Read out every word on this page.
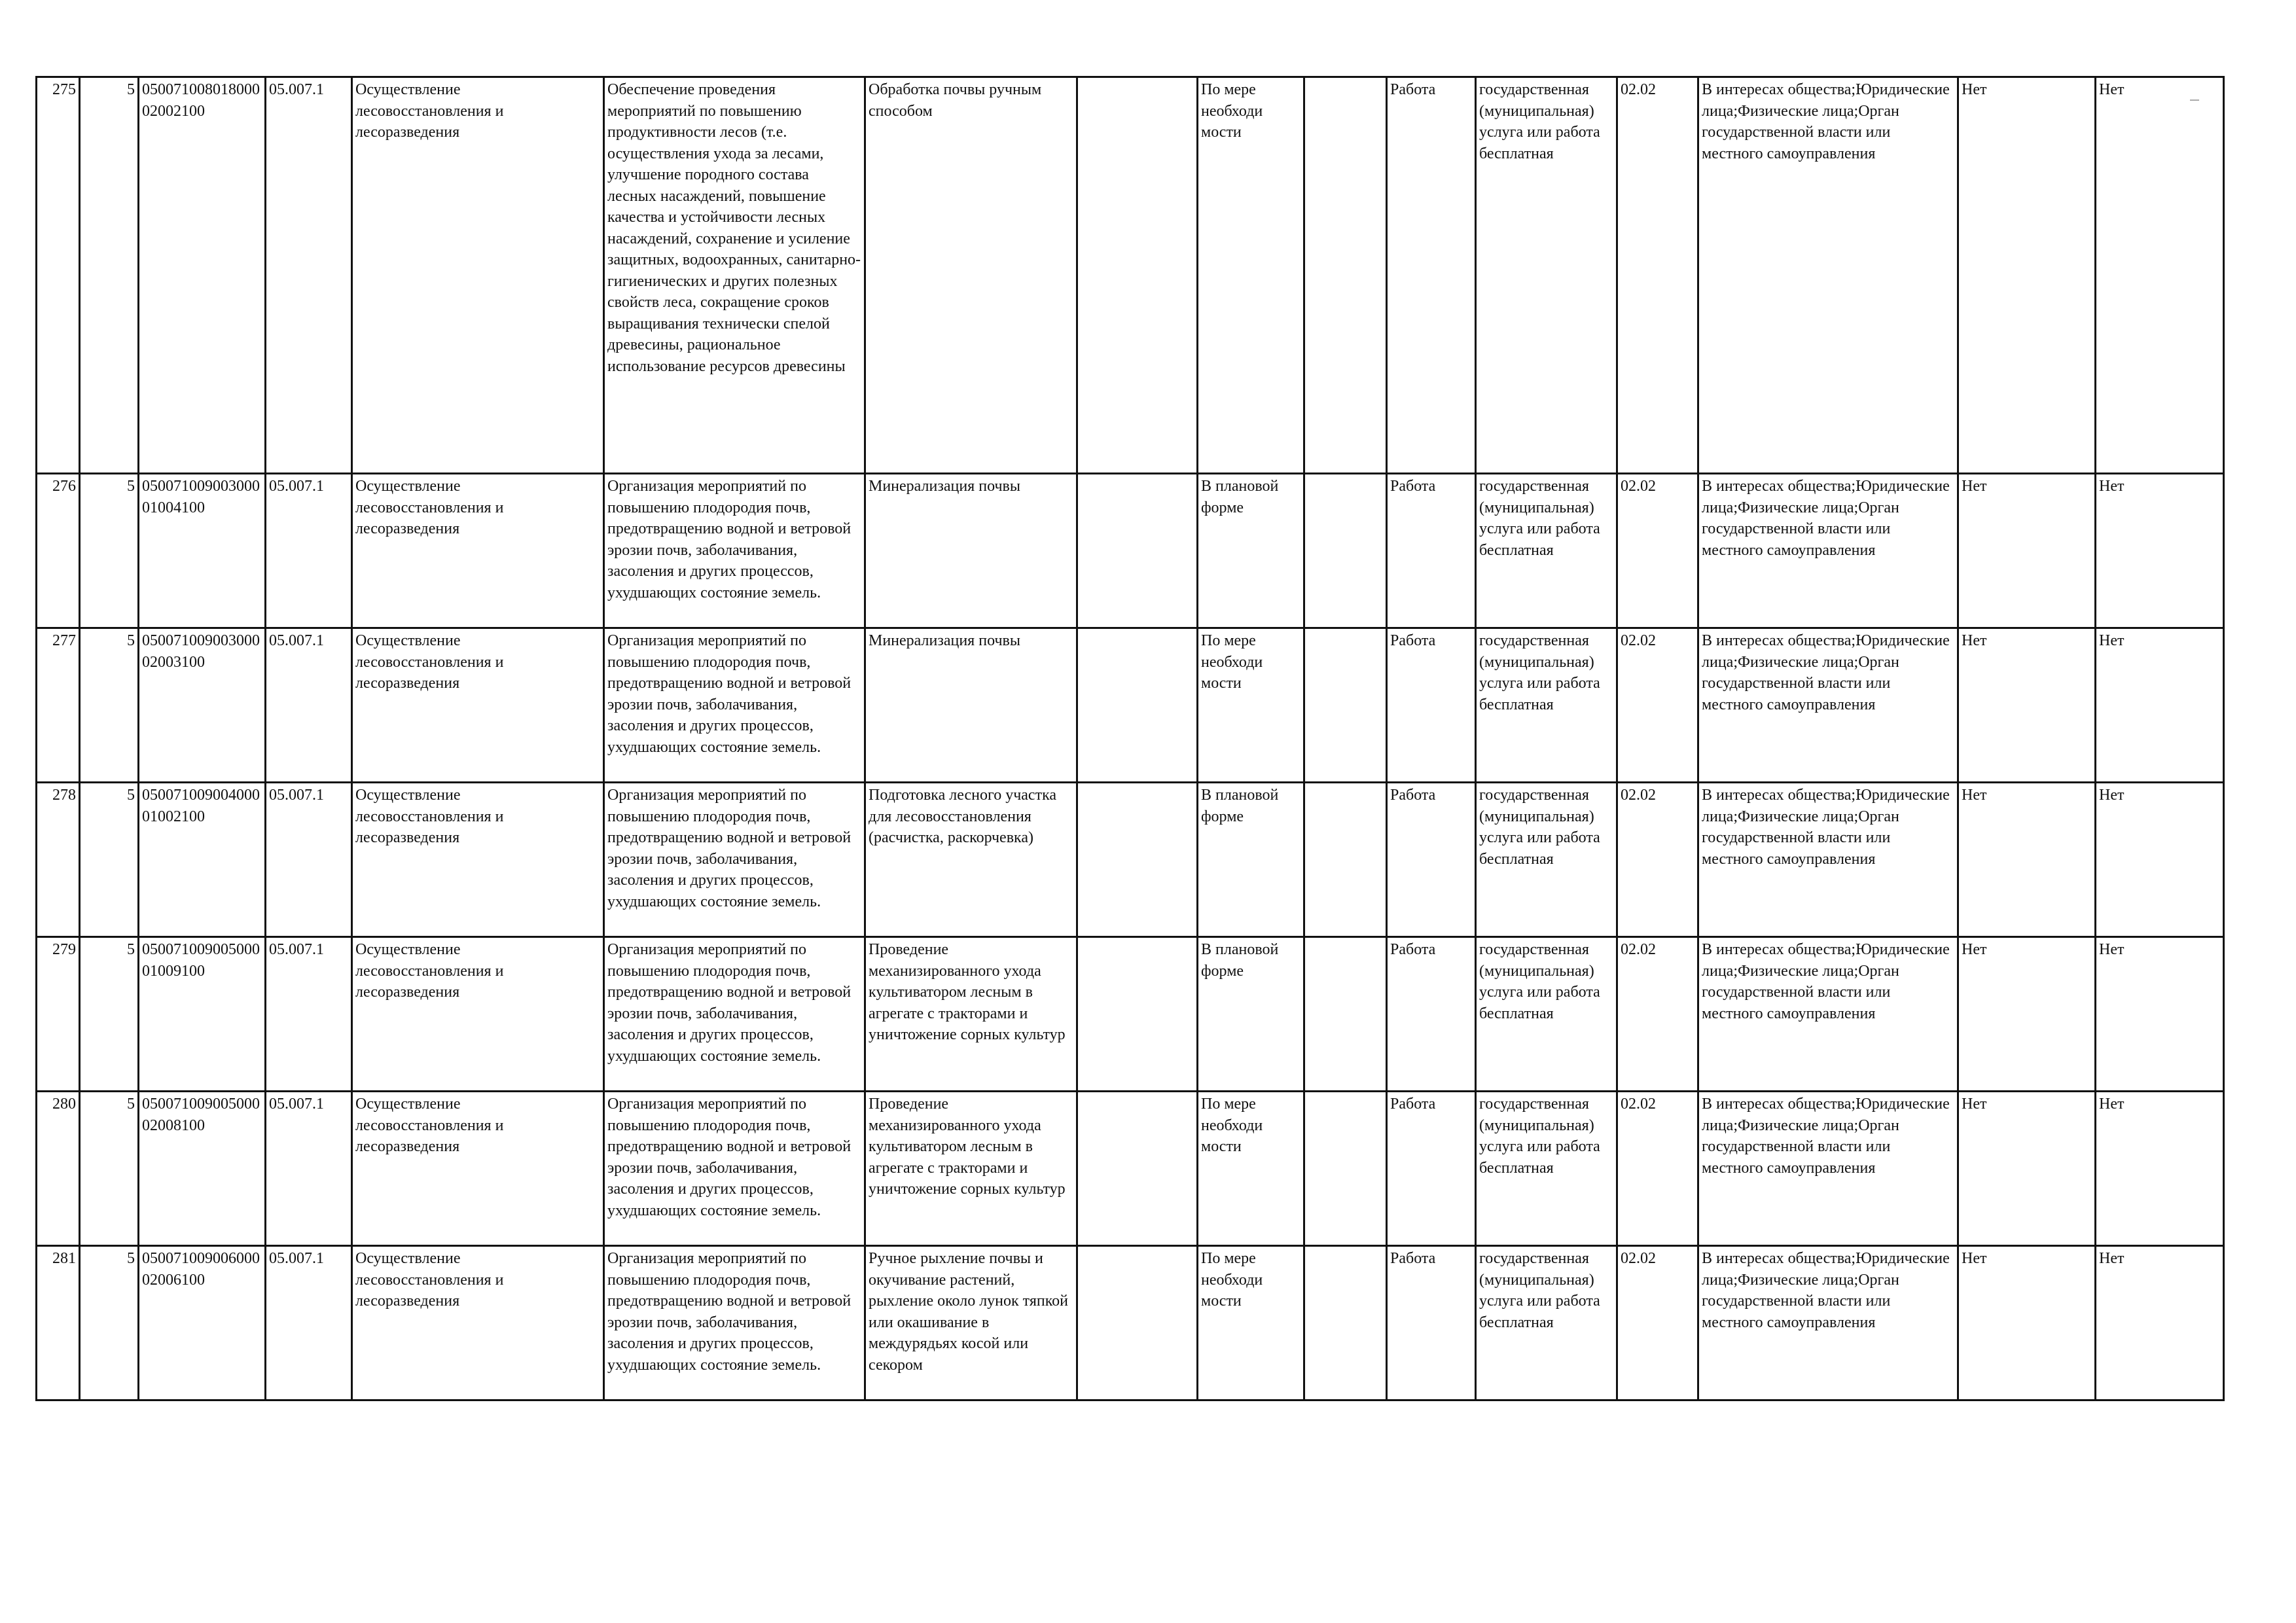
275	5	05007100801800002002100	05.007.1	Осуществление лесовосстановления и лесоразведения	Обеспечение проведения мероприятий по повышению продуктивности лесов (т.е. осуществления ухода за лесами, улучшение породного состава лесных насаждений, повышение качества и устойчивости лесных насаждений, сохранение и усиление защитных, водоохранных, санитарно-гигиенических и других полезных свойств леса, сокращение сроков выращивания технически спелой древесины, рациональное использование ресурсов древесины	Обработка почвы ручным способом		По мере необходи мости		Работа	государственная (муниципальная) услуга или работа бесплатная	02.02	В интересах общества;Юридические лица;Физические лица;Орган государственной власти или местного самоуправления	Нет	Нет
276	5	05007100900300001004100	05.007.1	Осуществление лесовосстановления и лесоразведения	Организация мероприятий по повышению плодородия почв, предотвращению водной и ветровой эрозии почв, заболачивания, засоления и других процессов, ухудшающих состояние земель.	Минерализация почвы		В плановой форме		Работа	государственная (муниципальная) услуга или работа бесплатная	02.02	В интересах общества;Юридические лица;Физические лица;Орган государственной власти или местного самоуправления	Нет	Нет
277	5	05007100900300002003100	05.007.1	Осуществление лесовосстановления и лесоразведения	Организация мероприятий по повышению плодородия почв, предотвращению водной и ветровой эрозии почв, заболачивания, засоления и других процессов, ухудшающих состояние земель.	Минерализация почвы		По мере необходи мости		Работа	государственная (муниципальная) услуга или работа бесплатная	02.02	В интересах общества;Юридические лица;Физические лица;Орган государственной власти или местного самоуправления	Нет	Нет
278	5	05007100900400001002100	05.007.1	Осуществление лесовосстановления и лесоразведения	Организация мероприятий по повышению плодородия почв, предотвращению водной и ветровой эрозии почв, заболачивания, засоления и других процессов, ухудшающих состояние земель.	Подготовка лесного участка для лесовосстановления (расчистка, раскорчевка)		В плановой форме		Работа	государственная (муниципальная) услуга или работа бесплатная	02.02	В интересах общества;Юридические лица;Физические лица;Орган государственной власти или местного самоуправления	Нет	Нет
279	5	05007100900500001009100	05.007.1	Осуществление лесовосстановления и лесоразведения	Организация мероприятий по повышению плодородия почв, предотвращению водной и ветровой эрозии почв, заболачивания, засоления и других процессов, ухудшающих состояние земель.	Проведение механизированного ухода культиватором лесным в агрегате с тракторами и уничтожение сорных культур		В плановой форме		Работа	государственная (муниципальная) услуга или работа бесплатная	02.02	В интересах общества;Юридические лица;Физические лица;Орган государственной власти или местного самоуправления	Нет	Нет
280	5	05007100900500002008100	05.007.1	Осуществление лесовосстановления и лесоразведения	Организация мероприятий по повышению плодородия почв, предотвращению водной и ветровой эрозии почв, заболачивания, засоления и других процессов, ухудшающих состояние земель.	Проведение механизированного ухода культиватором лесным в агрегате с тракторами и уничтожение сорных культур		По мере необходи мости		Работа	государственная (муниципальная) услуга или работа бесплатная	02.02	В интересах общества;Юридические лица;Физические лица;Орган государственной власти или местного самоуправления	Нет	Нет
281	5	05007100900600002006100	05.007.1	Осуществление лесовосстановления и лесоразведения	Организация мероприятий по повышению плодородия почв, предотвращению водной и ветровой эрозии почв, заболачивания, засоления и других процессов, ухудшающих состояние земель.	Ручное рыхление почвы и окучивание растений, рыхление около лунок тяпкой или окашивание в междурядьях косой или секором		По мере необходи мости		Работа	государственная (муниципальная) услуга или работа бесплатная	02.02	В интересах общества;Юридические лица;Физические лица;Орган государственной власти или местного самоуправления	Нет	Нет
